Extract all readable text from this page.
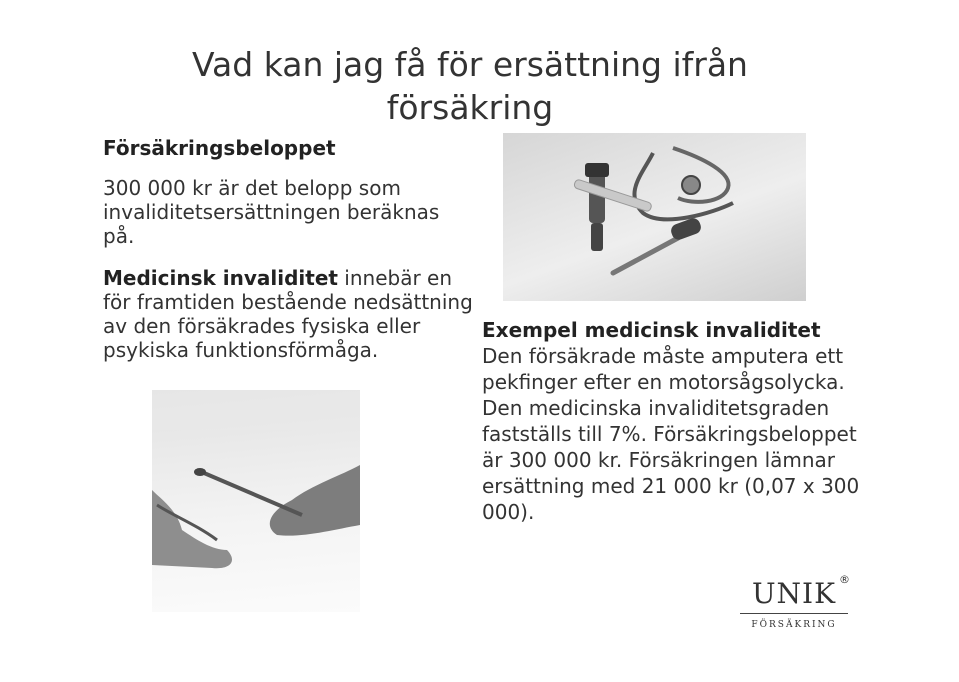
Vad kan jag få för ersättning ifrån
försäkring
Försäkringsbeloppet
300 000 kr är det belopp som invaliditetsersättningen beräknas på.
Medicinsk invaliditet innebär en för framtiden bestående nedsättning av den försäkrades fysiska eller psykiska funktionsförmåga.
Exempel medicinsk invaliditet
Den försäkrade måste amputera ett pekfinger efter en motorsågsolycka. Den medicinska invaliditetsgraden fastställs till 7%. Försäkringsbeloppet är 300 000 kr. Försäkringen lämnar ersättning med 21 000 kr (0,07 x 300 000).
UNIK ®
FÖRSÄKRING
